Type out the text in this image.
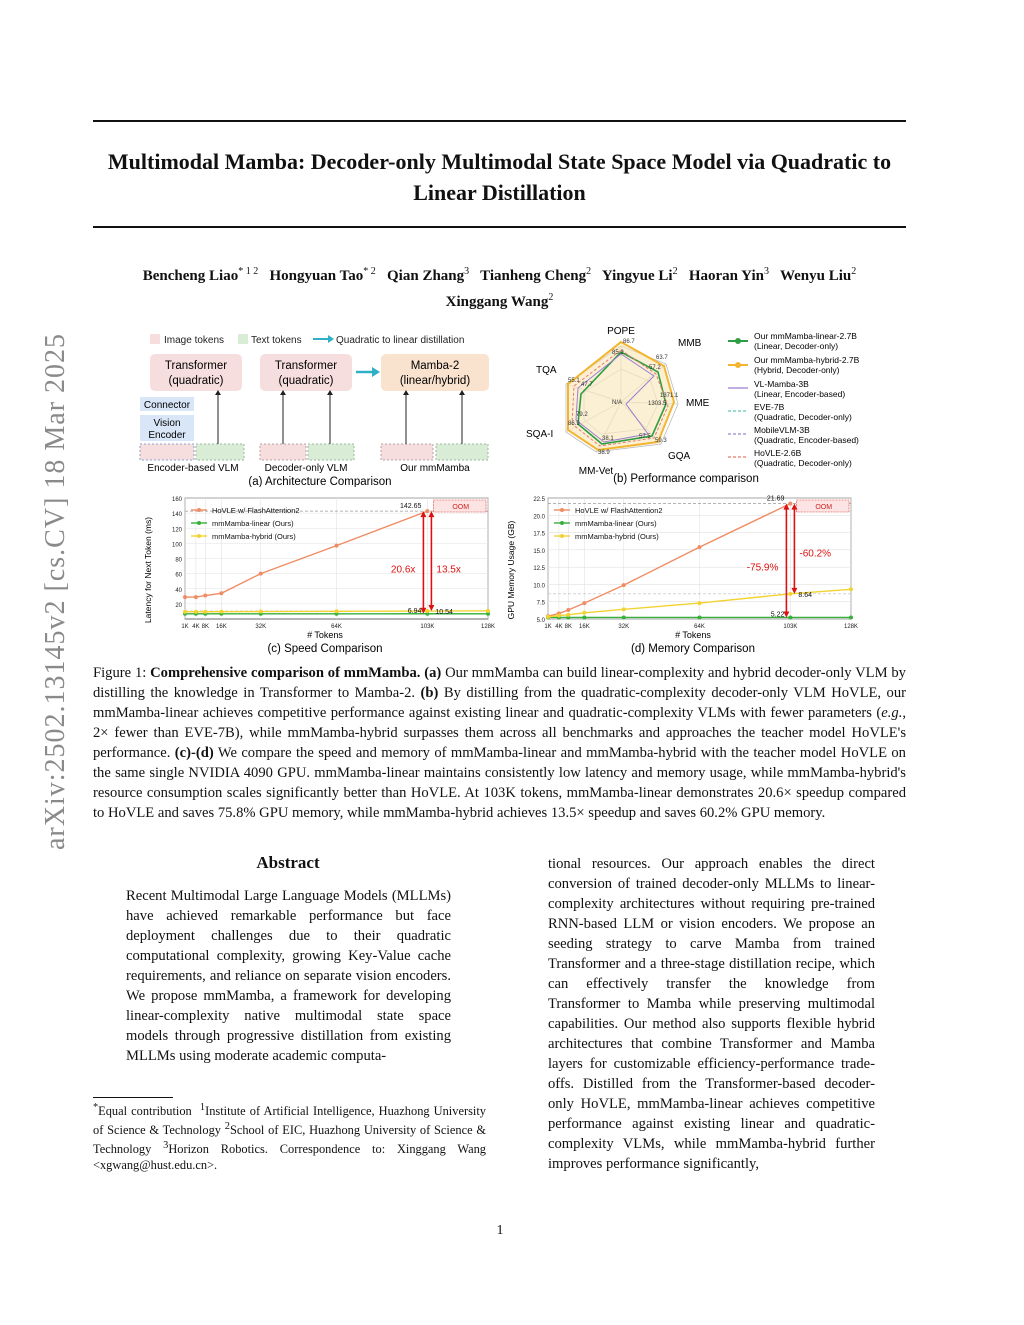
arXiv:2502.13145v2 [cs.CV] 18 Mar 2025
Multimodal Mamba: Decoder-only Multimodal State Space Model via Quadratic to Linear Distillation
Bencheng Liao$^{* 1 2}$ Hongyuan Tao$^{* 2}$ Qian Zhang$^3$ Tianheng Cheng$^2$ Yingyue Li$^2$ Haoran Yin$^3$ Wenyu Liu$^2$
Xinggang Wang$^2$
Image tokens	Text tokens	Quadratic to linear distillation
Transformer
(quadratic)
Transformer
(quadratic)
Mamba-2
(linear/hybrid)
Connector
Vision
Encoder
Encoder-based VLM	Decoder-only VLM	Our mmMamba
(a) Architecture Comparison
POPE
MMB
MME
GQA
MM-Vet
SQA-I
TQA
86.7
85.2
63.7
57.2
1371.1
1303.5
N/A
57.5
59.3
38.1
38.9
79.2
86.9
55.1
47.7
Our mmMamba-linear-2.7B
(Linear, Decoder-only)
Our mmMamba-hybrid-2.7B
(Hybrid, Decoder-only)
VL-Mamba-3B
(Linear, Encoder-based)
EVE-7B
(Quadratic, Decoder-only)
MobileVLM-3B
(Quadratic, Encoder-based)
HoVLE-2.6B
(Quadratic, Decoder-only)
(b) Performance comparison
Latency for Next Token (ms)
# Tokens
(c) Speed Comparison
20
40
60
80
100
120
140
160
1K 4K 8K 16K	32K	64K	103K	128K
OOM
HoVLE w/ FlashAttention2
mmMamba-linear (Ours)
mmMamba-hybrid (Ours)
142.65
6.94 10.54
20.6x 13.5x	GPU Memory Usage (GB)
# Tokens
(d) Memory Comparison
5.0
7.5
10.0
12.5
15.0
17.5
20.0
22.5
1K 4K 8K 16K	32K	64K	103K	128K
OOM
HoVLE w/ FlashAttention2
mmMamba-linear (Ours)
mmMamba-hybrid (Ours)
21.69
5.22
8.64
-75.9%
-60.2%
Figure 1: Comprehensive comparison of mmMamba. (a) Our mmMamba can build linear-complexity and hybrid decoder-only VLM by distilling the knowledge in Transformer to Mamba-2. (b) By distilling from the quadratic-complexity decoder-only VLM HoVLE, our mmMamba-linear achieves competitive performance against existing linear and quadratic-complexity VLMs with fewer parameters (e.g., 2× fewer than EVE-7B), while mmMamba-hybrid surpasses them across all benchmarks and approaches the teacher model HoVLE's performance. (c)-(d) We compare the speed and memory of mmMamba-linear and mmMamba-hybrid with the teacher model HoVLE on the same single NVIDIA 4090 GPU. mmMamba-linear maintains consistently low latency and memory usage, while mmMamba-hybrid's resource consumption scales significantly better than HoVLE. At 103K tokens, mmMamba-linear demonstrates 20.6× speedup compared to HoVLE and saves 75.8% GPU memory, while mmMamba-hybrid achieves 13.5× speedup and saves 60.2% GPU memory.
Abstract
Recent Multimodal Large Language Models (MLLMs) have achieved remarkable performance but face deployment challenges due to their quadratic computational complexity, growing Key-Value cache requirements, and reliance on separate vision encoders. We propose mmMamba, a framework for developing linear-complexity native multimodal state space models through progressive distillation from existing MLLMs using moderate academic computa-
*Equal contribution $^1$Institute of Artificial Intelligence, Huazhong University of Science & Technology $^2$School of EIC, Huazhong University of Science & Technology $^3$Horizon Robotics. Correspondence to: Xinggang Wang <xgwang@hust.edu.cn>.
tional resources. Our approach enables the direct conversion of trained decoder-only MLLMs to linear-complexity architectures without requiring pre-trained RNN-based LLM or vision encoders. We propose an seeding strategy to carve Mamba from trained Transformer and a three-stage distillation recipe, which can effectively transfer the knowledge from Transformer to Mamba while preserving multimodal capabilities. Our method also supports flexible hybrid architectures that combine Transformer and Mamba layers for customizable efficiency-performance trade-offs. Distilled from the Transformer-based decoder-only HoVLE, mmMamba-linear achieves competitive performance against existing linear and quadratic-complexity VLMs, while mmMamba-hybrid further improves performance significantly,
1
